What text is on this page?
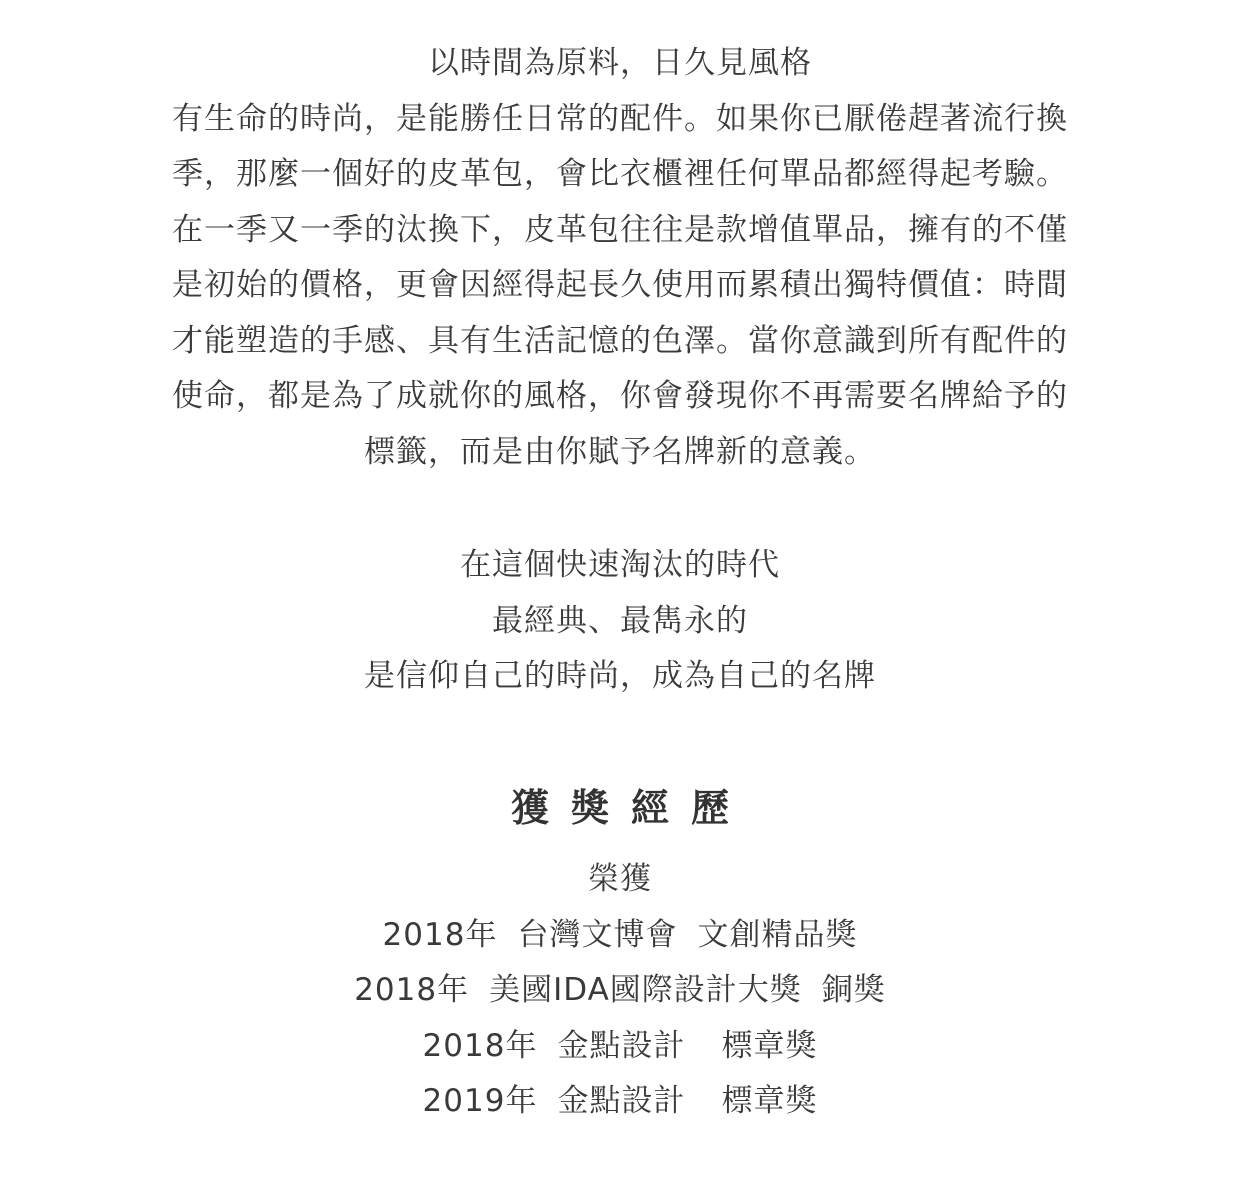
以時間為原料，日久見風格
有生命的時尚，是能勝任日常的配件。如果你已厭倦趕著流行換
季，那麼一個好的皮革包，會比衣櫃裡任何單品都經得起考驗。
在一季又一季的汰換下，皮革包往往是款增值單品，擁有的不僅
是初始的價格，更會因經得起長久使用而累積出獨特價值：時間
才能塑造的手感、具有生活記憶的色澤。當你意識到所有配件的
使命，都是為了成就你的風格，你會發現你不再需要名牌給予的
標籤，而是由你賦予名牌新的意義。
在這個快速淘汰的時代
最經典、最雋永的
是信仰自己的時尚，成為自己的名牌
獲獎經歷
榮獲
2018年 台灣文博會 文創精品獎
2018年 美國IDA國際設計大獎 銅獎
2018年 金點設計 標章獎
2019年 金點設計 標章獎
